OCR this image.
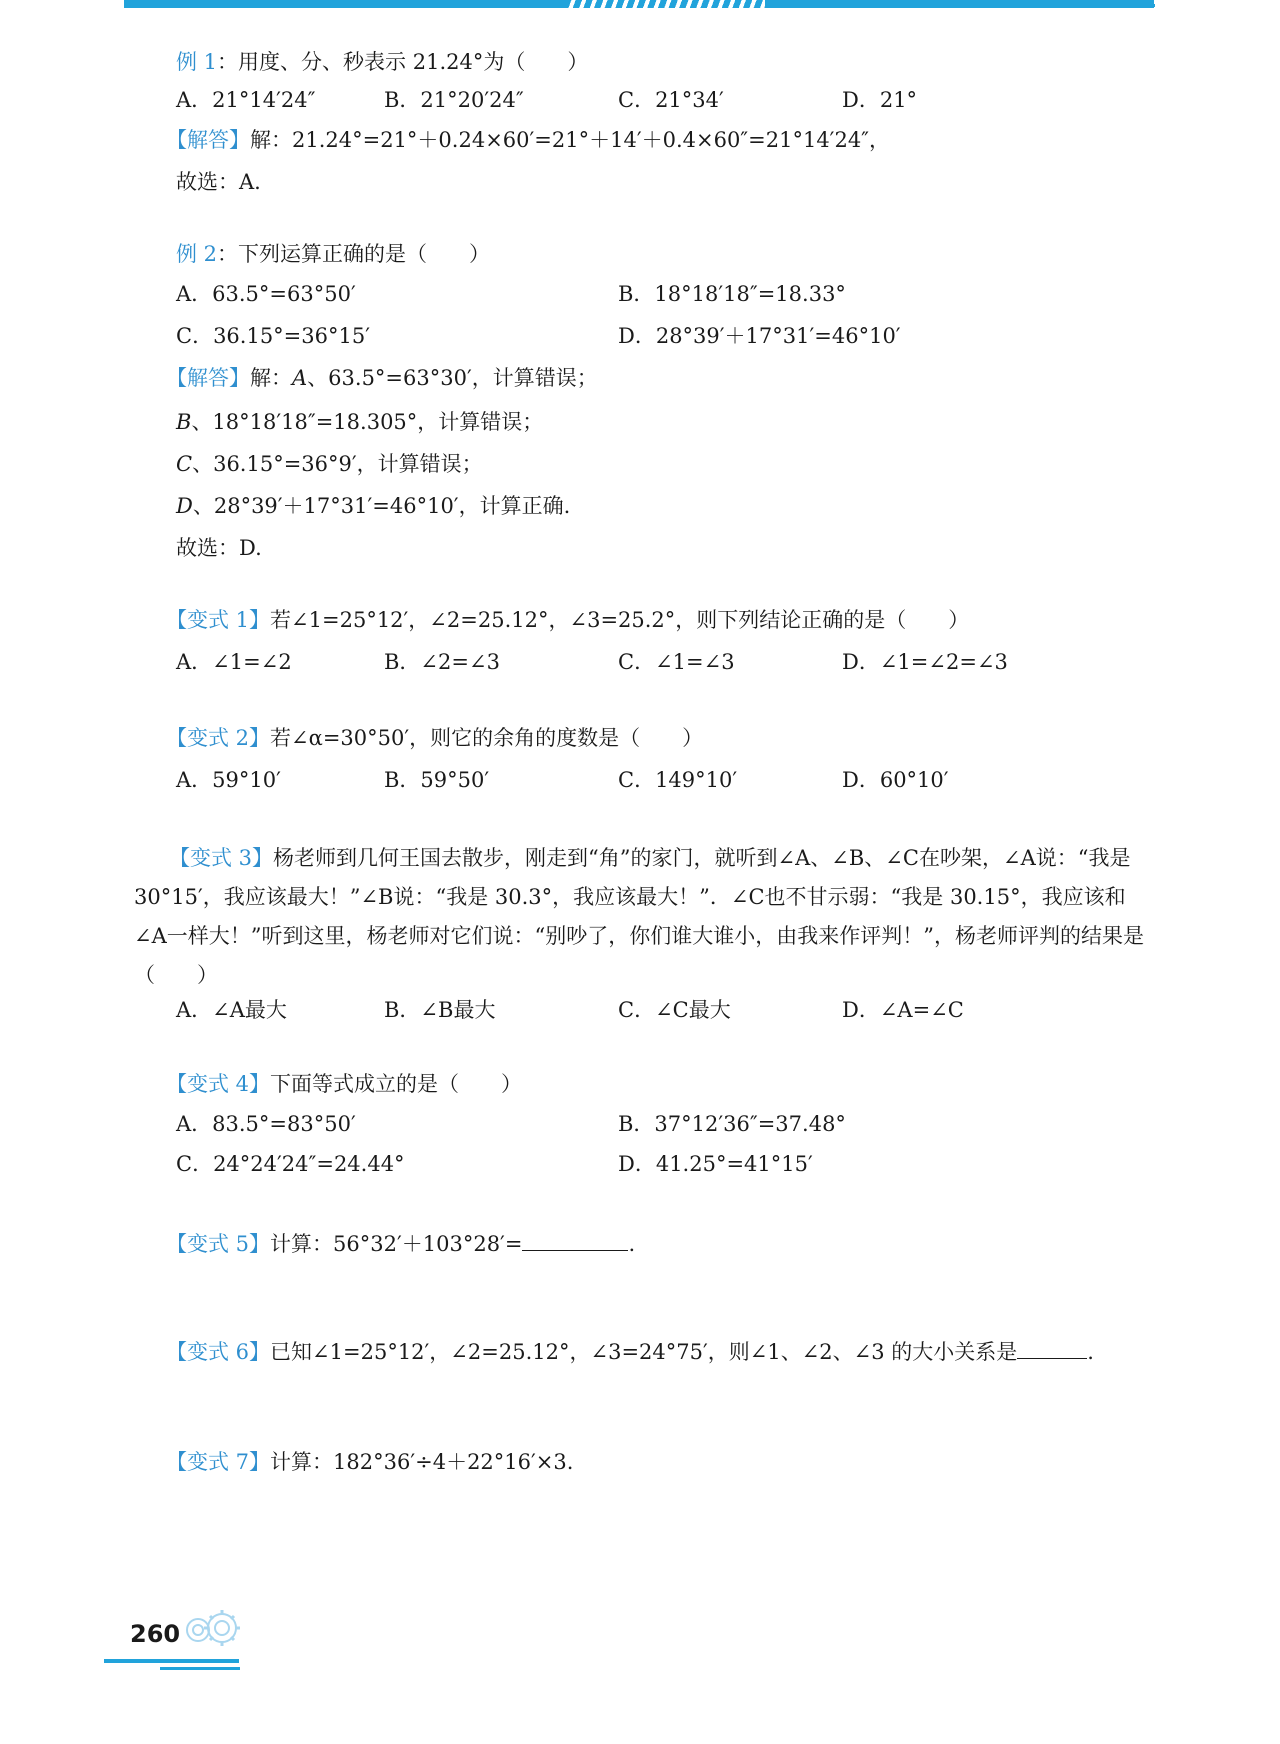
例 1：用度、分、秒表示 21.24°为（　　）
A．21°14′24″	B．21°20′24″	C．21°34′	D．21°
【解答】解：21.24°=21°＋0.24×60′=21°＋14′＋0.4×60″=21°14′24″，
故选：A.
例 2：下列运算正确的是（　　）
A．63.5°=63°50′	B．18°18′18″=18.33°
C．36.15°=36°15′	D．28°39′＋17°31′=46°10′
【解答】解：A、63.5°=63°30′，计算错误；
B、18°18′18″=18.305°，计算错误；
C、36.15°=36°9′，计算错误；
D、28°39′＋17°31′=46°10′，计算正确.
故选：D.
【变式 1】若∠1=25°12′，∠2=25.12°，∠3=25.2°，则下列结论正确的是（　　）
A．∠1=∠2	B．∠2=∠3	C．∠1=∠3	D．∠1=∠2=∠3
【变式 2】若∠α=30°50′，则它的余角的度数是（　　）
A．59°10′	B．59°50′	C．149°10′	D．60°10′
【变式 3】杨老师到几何王国去散步，刚走到“角”的家门，就听到∠A、∠B、∠C在吵架，∠A说：“我是 30°15′，我应该最大！”∠B说：“我是 30.3°，我应该最大！”．∠C也不甘示弱：“我是 30.15°，我应该和∠A一样大！”听到这里，杨老师对它们说：“别吵了，你们谁大谁小，由我来作评判！”，杨老师评判的结果是（　　）
A．∠A最大	B．∠B最大	C．∠C最大	D．∠A=∠C
【变式 4】下面等式成立的是（　　）
A．83.5°=83°50′	B．37°12′36″=37.48°
C．24°24′24″=24.44°	D．41.25°=41°15′
【变式 5】计算：56°32′＋103°28′=	.
【变式 6】已知∠1=25°12′，∠2=25.12°，∠3=24°75′，则∠1、∠2、∠3 的大小关系是	.
【变式 7】计算：182°36′÷4＋22°16′×3.
260
